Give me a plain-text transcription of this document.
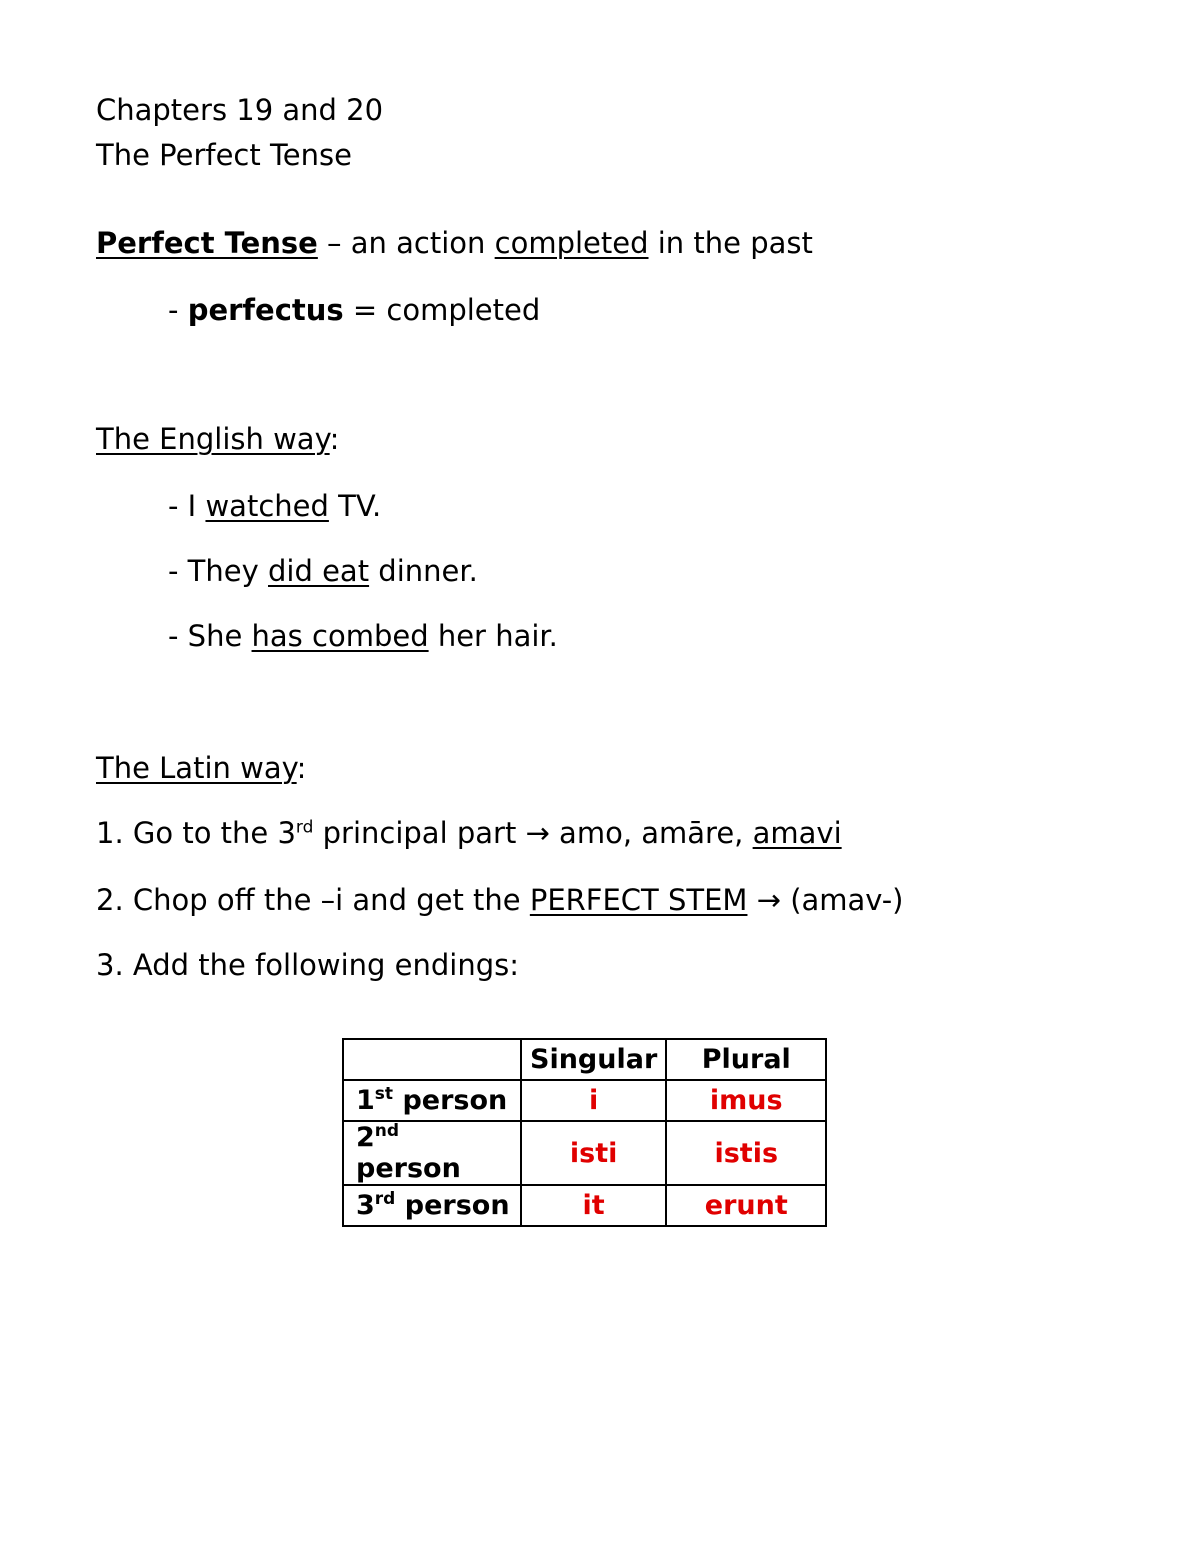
Chapters 19 and 20
The Perfect Tense
Perfect Tense – an action completed in the past
- perfectus = completed
The English way:
- I watched TV.
- They did eat dinner.
- She has combed her hair.
The Latin way:
1. Go to the 3rd principal part → amo, amāre, amavi
2. Chop off the –i and get the PERFECT STEM → (amav-)
3. Add the following endings:
	Singular	Plural
1st person	i	imus
2nd person	isti	istis
3rd person	it	erunt
